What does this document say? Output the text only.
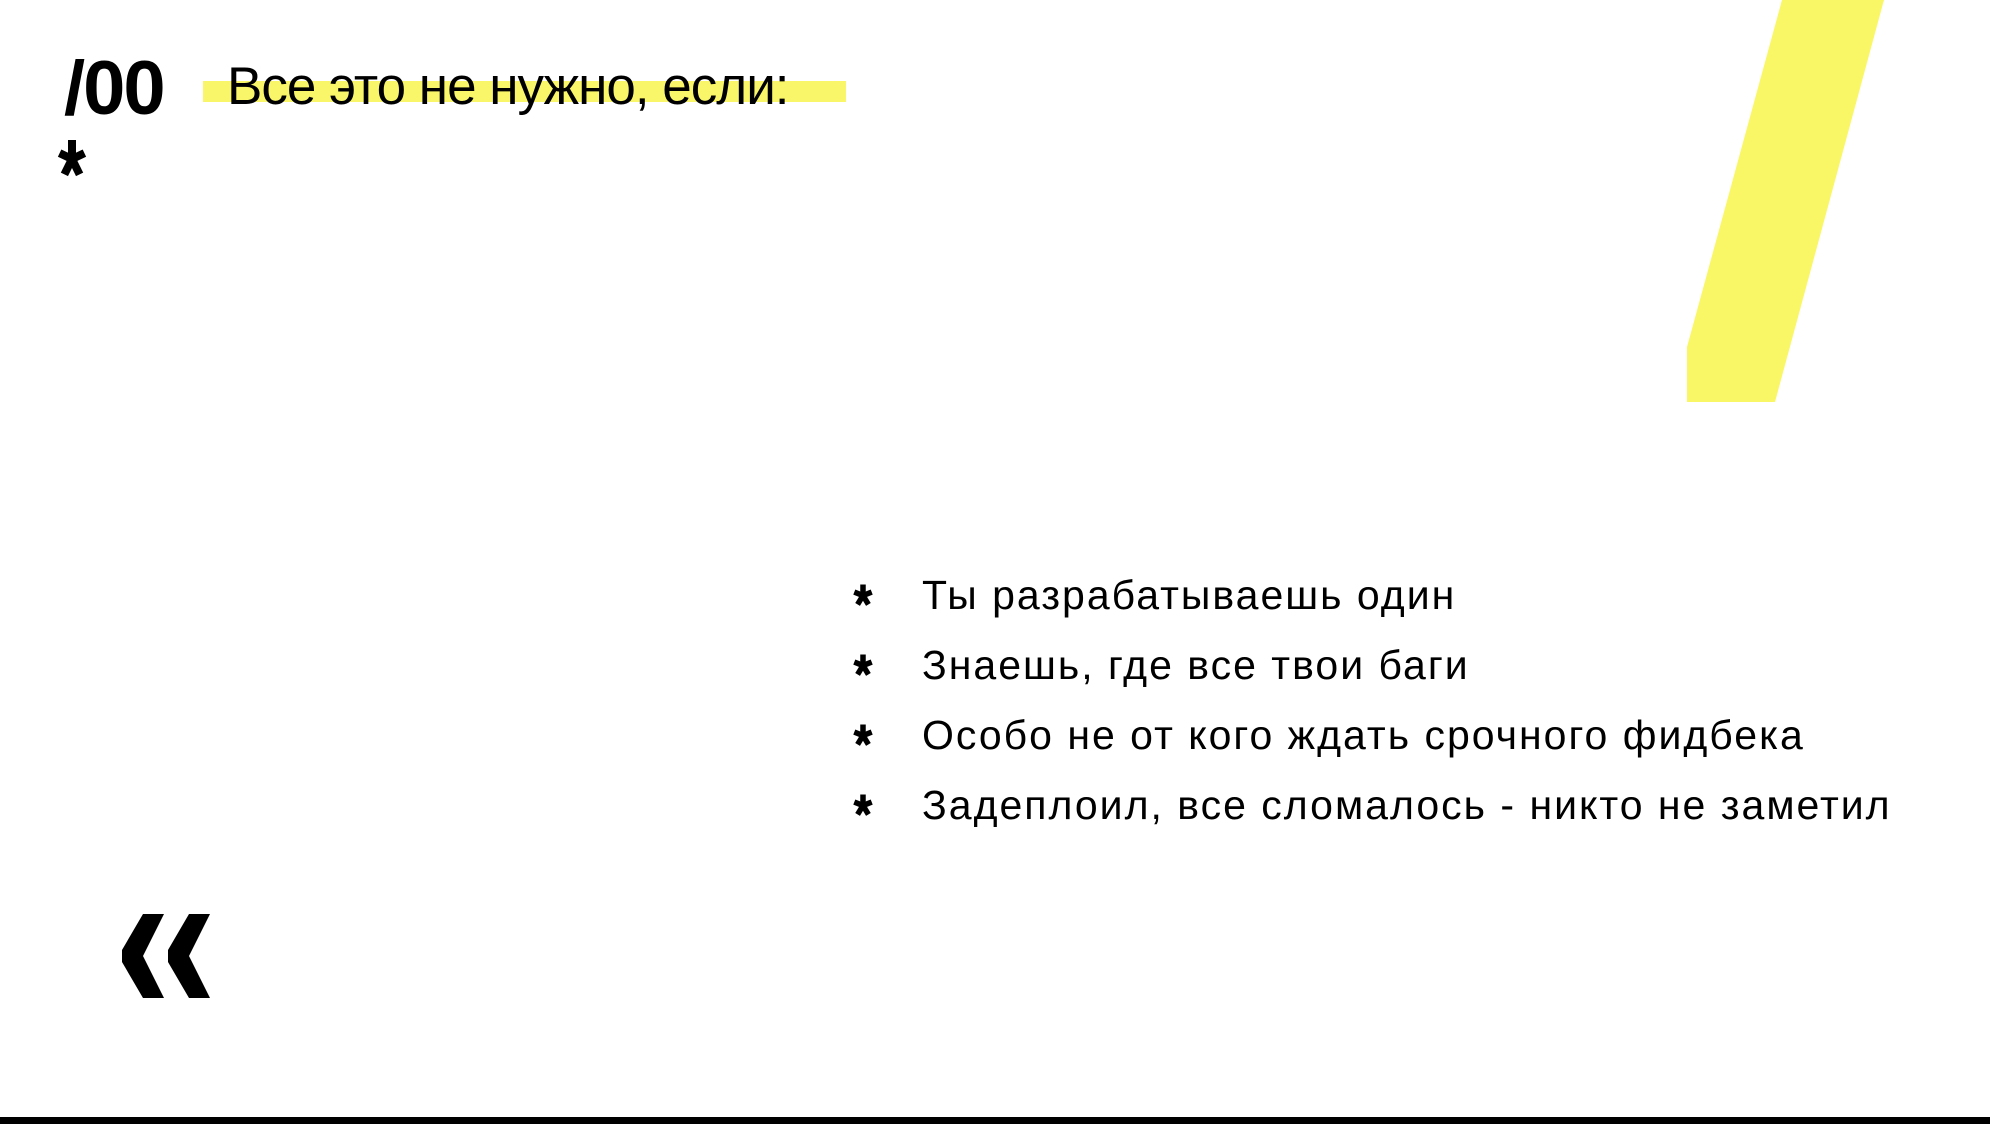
/00 Все это не нужно, если:
Ты разрабатываешь один
Знаешь, где все твои баги
Особо не от кого ждать срочного фидбека
Задеплоил, все сломалось - никто не заметил
